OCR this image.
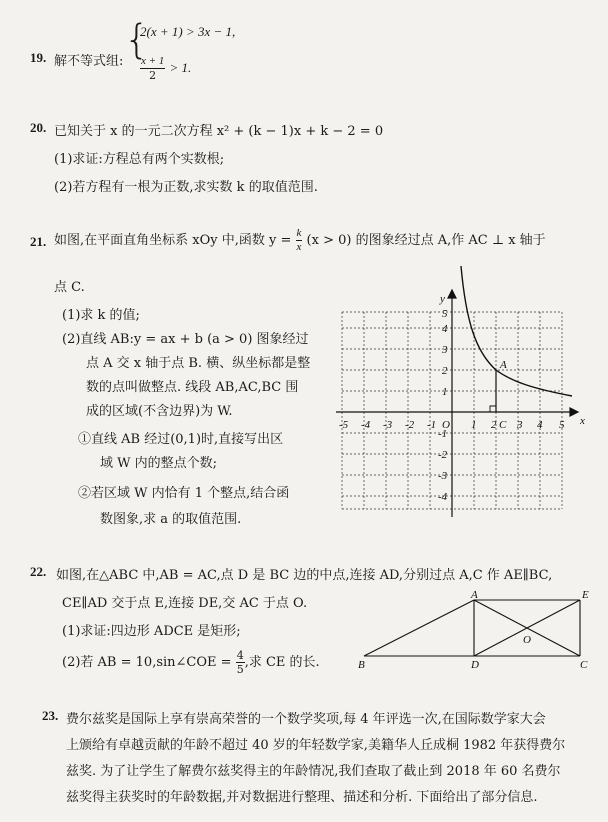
19. 解不等式组: {
2(x + 1) > 3x − 1,
$\frac{x + 1}{2} > 1$.
20. 已知关于 x 的一元二次方程 x² + (k − 1)x + k − 2 = 0
(1)求证:方程总有两个实数根;
(2)若方程有一根为正数,求实数 k 的取值范围.
21. 如图,在平面直角坐标系 xOy 中,函数 $y = \frac{k}{x} (x > 0)$ 的图象经过点 A,作 AC ⊥ x 轴于
点 C.
(1)求 k 的值;
(2)直线 AB:y = ax + b (a > 0) 图象经过
点 A 交 x 轴于点 B. 横、纵坐标都是整
数的点叫做整点. 线段 AB,AC,BC 围
成的区域(不含边界)为 W.
①直线 AB 经过(0,1)时,直接写出区
域 W 内的整点个数;
②若区域 W 内恰有 1 个整点,结合函
数图象,求 a 的取值范围.
-5 -4 -3 -2 -1 O 1 2 C 3 4 5 x
y
5
4
3
2
1
-1
-2
-3
-4
A
22. 如图,在△ABC 中,AB = AC,点 D 是 BC 边的中点,连接 AD,分别过点 A,C 作 AE∥BC,
CE∥AD 交于点 E,连接 DE,交 AC 于点 O.
(1)求证:四边形 ADCE 是矩形;
(2)若 AB = 10,sin∠COE = $\frac{4}{5}$ ,求 CE 的长.
A	E
O
B	D	C
23. 费尔兹奖是国际上享有崇高荣誉的一个数学奖项,每 4 年评选一次,在国际数学家大会
上颁给有卓越贡献的年龄不超过 40 岁的年轻数学家,美籍华人丘成桐 1982 年获得费尔
兹奖. 为了让学生了解费尔兹奖得主的年龄情况,我们查取了截止到 2018 年 60 名费尔
兹奖得主获奖时的年龄数据,并对数据进行整理、描述和分析. 下面给出了部分信息.
